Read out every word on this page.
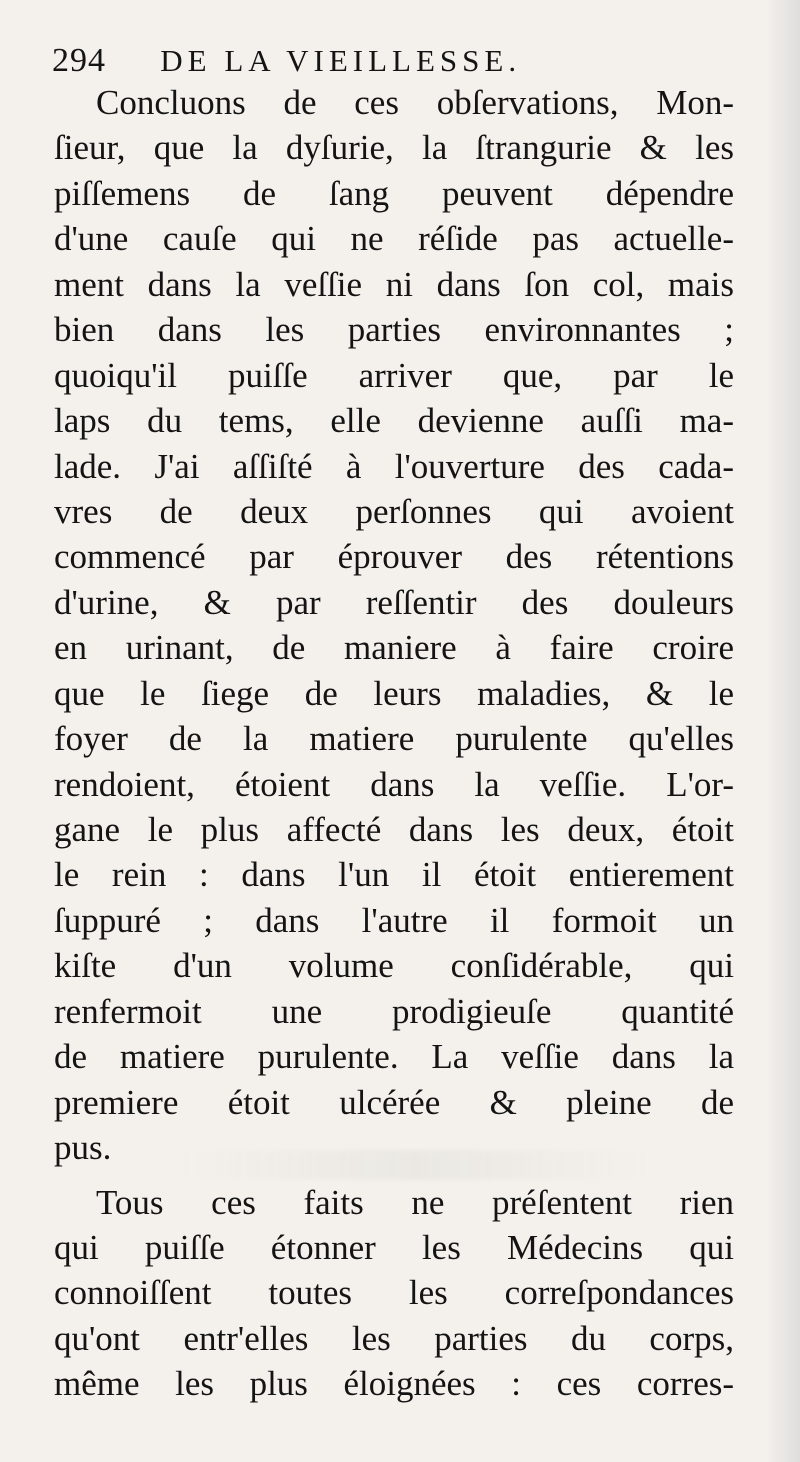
294 DE LA VIEILLESSE.
Concluons de ces obſervations, Mon-
ſieur, que la dyſurie, la ſtrangurie & les
piſſemens de ſang peuvent dépendre
d'une cauſe qui ne réſide pas actuelle-
ment dans la veſſie ni dans ſon col, mais
bien dans les parties environnantes ;
quoiqu'il puiſſe arriver que, par le
laps du tems, elle devienne auſſi ma-
lade. J'ai aſſiſté à l'ouverture des cada-
vres de deux perſonnes qui avoient
commencé par éprouver des rétentions
d'urine, & par reſſentir des douleurs
en urinant, de maniere à faire croire
que le ſiege de leurs maladies, & le
foyer de la matiere purulente qu'elles
rendoient, étoient dans la veſſie. L'or-
gane le plus affecté dans les deux, étoit
le rein : dans l'un il étoit entierement
ſuppuré ; dans l'autre il formoit un
kiſte d'un volume conſidérable, qui
renfermoit une prodigieuſe quantité
de matiere purulente. La veſſie dans la
premiere étoit ulcérée & pleine de
pus.
Tous ces faits ne préſentent rien
qui puiſſe étonner les Médecins qui
connoiſſent toutes les correſpondances
qu'ont entr'elles les parties du corps,
même les plus éloignées : ces corres-
